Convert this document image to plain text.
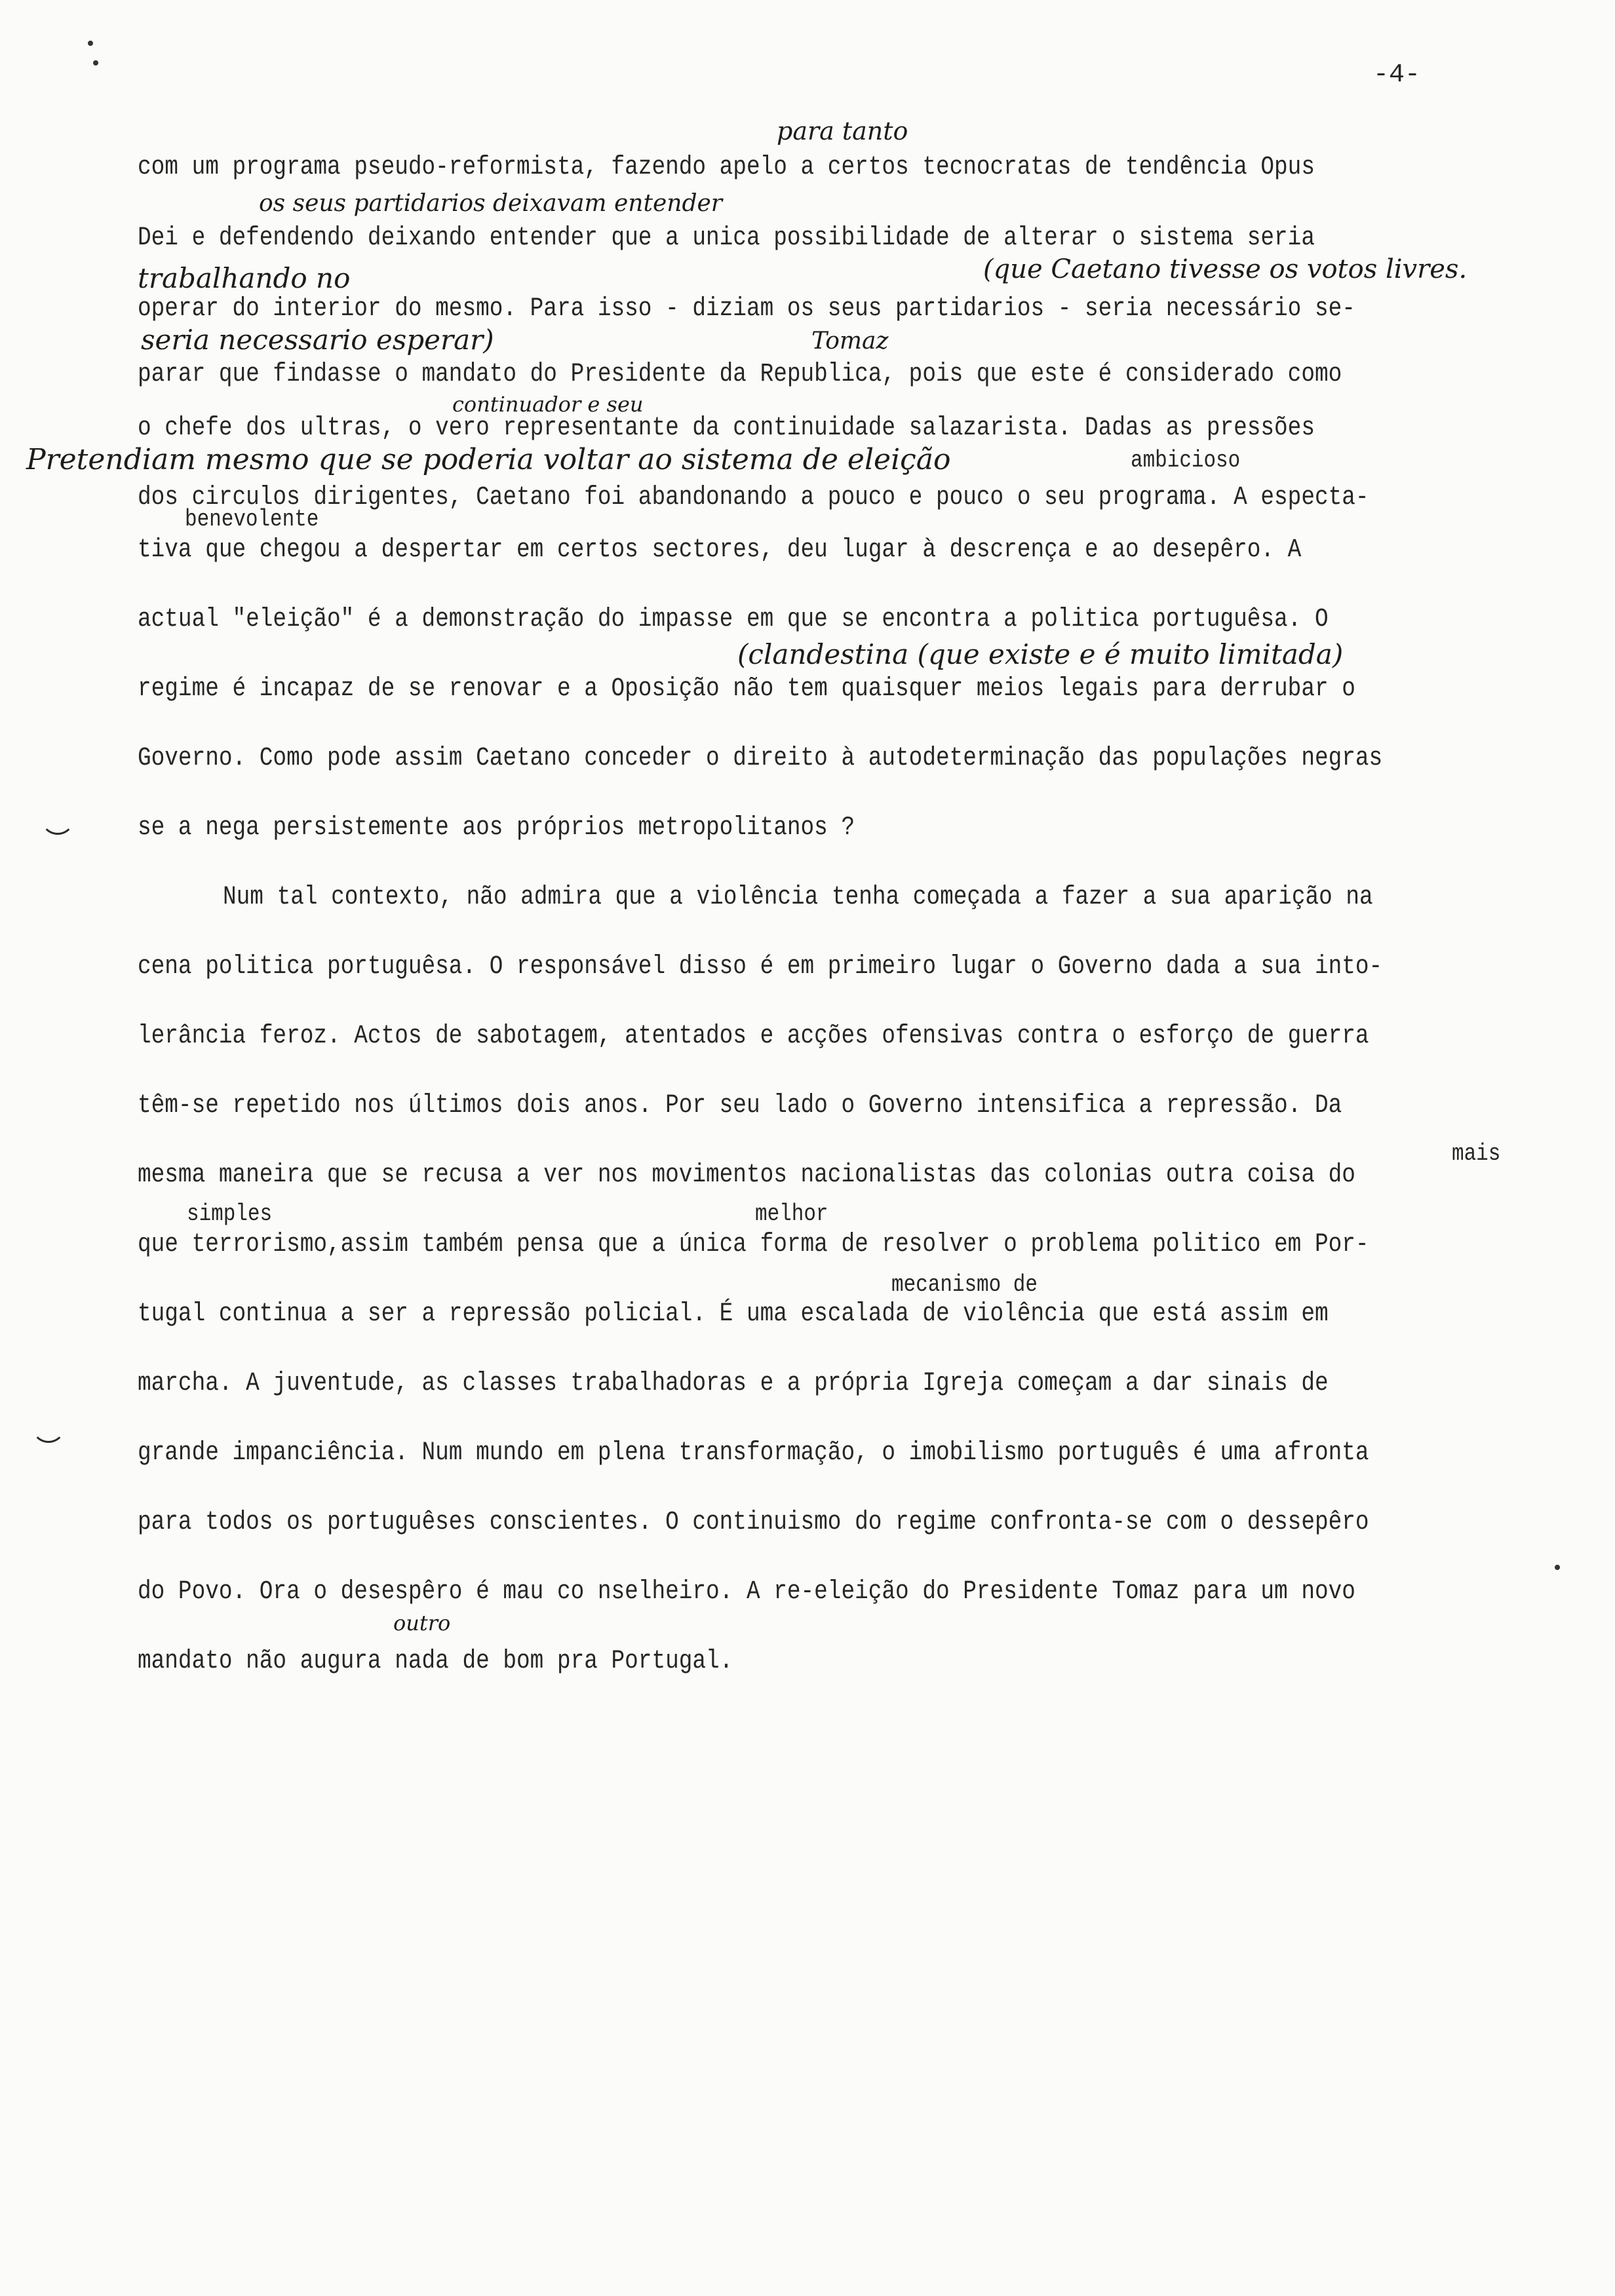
-4-
com um programa pseudo-reformista, fazendo apelo a certos tecnocratas de tendência Opus
Dei e defendendo deixando entender que a unica possibilidade de alterar o sistema seria
operar do interior do mesmo. Para isso - diziam os seus partidarios - seria necessário se-
parar que findasse o mandato do Presidente da Republica, pois que este é considerado como
o chefe dos ultras, o vero representante da continuidade salazarista. Dadas as pressões
dos circulos dirigentes, Caetano foi abandonando a pouco e pouco o seu programa. A especta-
tiva que chegou a despertar em certos sectores, deu lugar à descrença e ao desepêro. A
actual "eleição" é a demonstração do impasse em que se encontra a politica portuguêsa. O
regime é incapaz de se renovar e a Oposição não tem quaisquer meios legais para derrubar o
Governo. Como pode assim Caetano conceder o direito à autodeterminação das populações negras
se a nega persistemente aos próprios metropolitanos ?
Num tal contexto, não admira que a violência tenha começada a fazer a sua aparição na
cena politica portuguêsa. O responsável disso é em primeiro lugar o Governo dada a sua into-
lerância feroz. Actos de sabotagem, atentados e acções ofensivas contra o esforço de guerra
têm-se repetido nos últimos dois anos. Por seu lado o Governo intensifica a repressão. Da
mesma maneira que se recusa a ver nos movimentos nacionalistas das colonias outra coisa do
que terrorismo,assim também pensa que a única forma de resolver o problema politico em Por-
tugal continua a ser a repressão policial. É uma escalada de violência que está assim em
marcha. A juventude, as classes trabalhadoras e a própria Igreja começam a dar sinais de
grande impanciência. Num mundo em plena transformação, o imobilismo português é uma afronta
para todos os portuguêses conscientes. O continuismo do regime confronta-se com o dessepêro
do Povo. Ora o desespêro é mau co nselheiro. A re-eleição do Presidente Tomaz para um novo
mandato não augura nada de bom pra Portugal.
ambicioso
benevolente
mais
simples	melhor
mecanismo de
para tanto
os seus partidarios deixavam entender
trabalhando no	(que Caetano tivesse os votos livres.
seria necessario esperar)	Tomaz
continuador e seu
Pretendiam mesmo que se poderia voltar ao sistema de eleição
(clandestina (que existe e é muito limitada)
outro
